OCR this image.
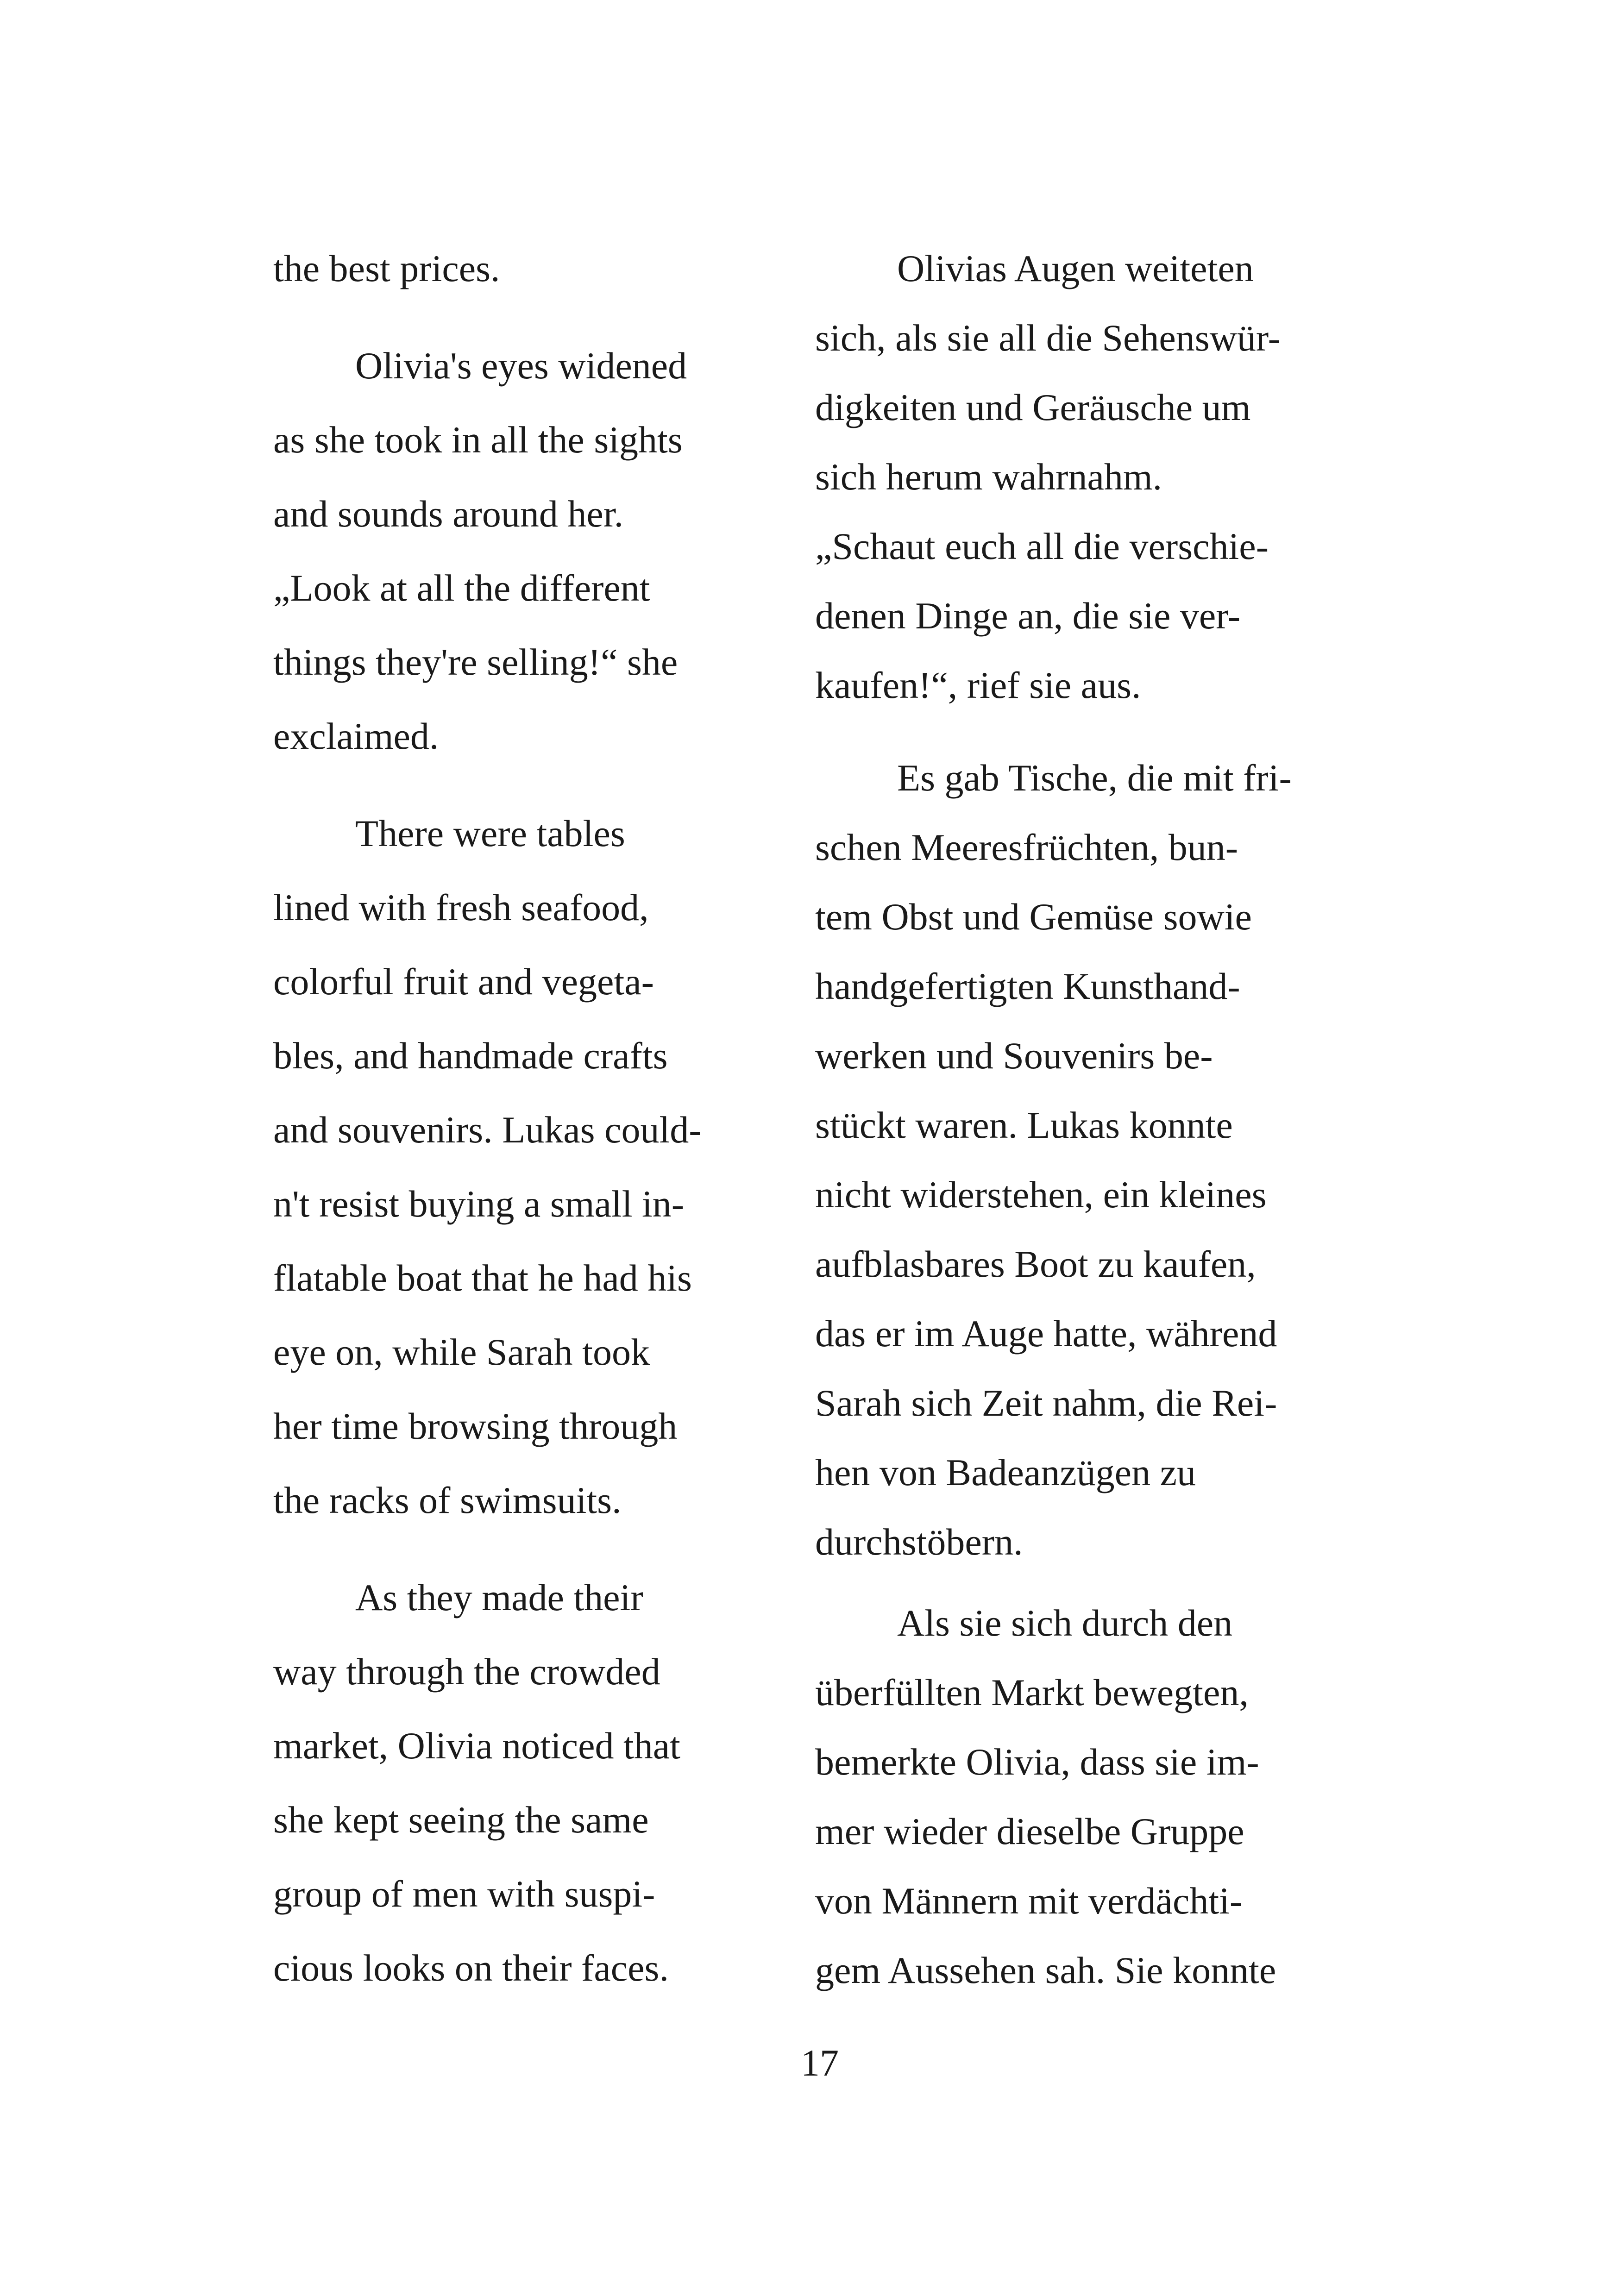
the best prices.
Olivia's eyes widened
as she took in all the sights
and sounds around her.
„Look at all the different
things they're selling!“ she
exclaimed.
There were tables
lined with fresh seafood,
colorful fruit and vegeta-
bles, and handmade crafts
and souvenirs. Lukas could-
n't resist buying a small in-
flatable boat that he had his
eye on, while Sarah took
her time browsing through
the racks of swimsuits.
As they made their
way through the crowded
market, Olivia noticed that
she kept seeing the same
group of men with suspi-
cious looks on their faces.
Olivias Augen weiteten
sich, als sie all die Sehenswür-
digkeiten und Geräusche um
sich herum wahrnahm.
„Schaut euch all die verschie-
denen Dinge an, die sie ver-
kaufen!“, rief sie aus.
Es gab Tische, die mit fri-
schen Meeresfrüchten, bun-
tem Obst und Gemüse sowie
handgefertigten Kunsthand-
werken und Souvenirs be-
stückt waren. Lukas konnte
nicht widerstehen, ein kleines
aufblasbares Boot zu kaufen,
das er im Auge hatte, während
Sarah sich Zeit nahm, die Rei-
hen von Badeanzügen zu
durchstöbern.
Als sie sich durch den
überfüllten Markt bewegten,
bemerkte Olivia, dass sie im-
mer wieder dieselbe Gruppe
von Männern mit verdächti-
gem Aussehen sah. Sie konnte
17
